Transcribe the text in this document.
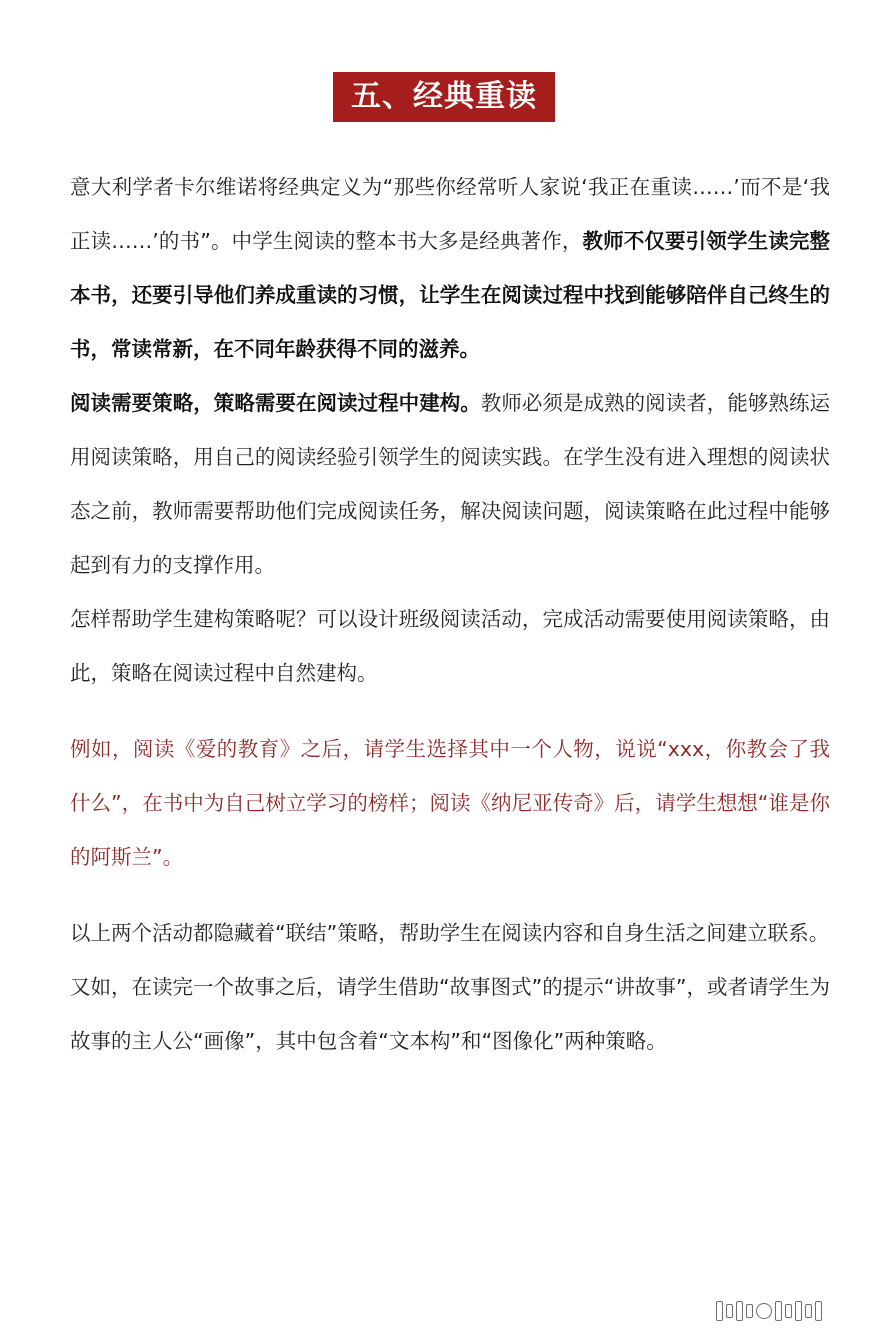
五、经典重读

意大利学者卡尔维诺将经典定义为“那些你经常听人家说‘我正在重读……’而不是‘我正读……’的书”。中学生阅读的整本书大多是经典著作，教师不仅要引领学生读完整本书，还要引导他们养成重读的习惯，让学生在阅读过程中找到能够陪伴自己终生的书，常读常新，在不同年龄获得不同的滋养。

阅读需要策略，策略需要在阅读过程中建构。教师必须是成熟的阅读者，能够熟练运用阅读策略，用自己的阅读经验引领学生的阅读实践。在学生没有进入理想的阅读状态之前，教师需要帮助他们完成阅读任务，解决阅读问题，阅读策略在此过程中能够起到有力的支撑作用。

怎样帮助学生建构策略呢？可以设计班级阅读活动，完成活动需要使用阅读策略，由此，策略在阅读过程中自然建构。

例如，阅读《爱的教育》之后，请学生选择其中一个人物，说说“xxx，你教会了我什么”，在书中为自己树立学习的榜样；阅读《纳尼亚传奇》后，请学生想想“谁是你的阿斯兰”。

以上两个活动都隐藏着“联结”策略，帮助学生在阅读内容和自身生活之间建立联系。

又如，在读完一个故事之后，请学生借助“故事图式”的提示“讲故事”，或者请学生为故事的主人公“画像”，其中包含着“文本构”和“图像化”两种策略。
